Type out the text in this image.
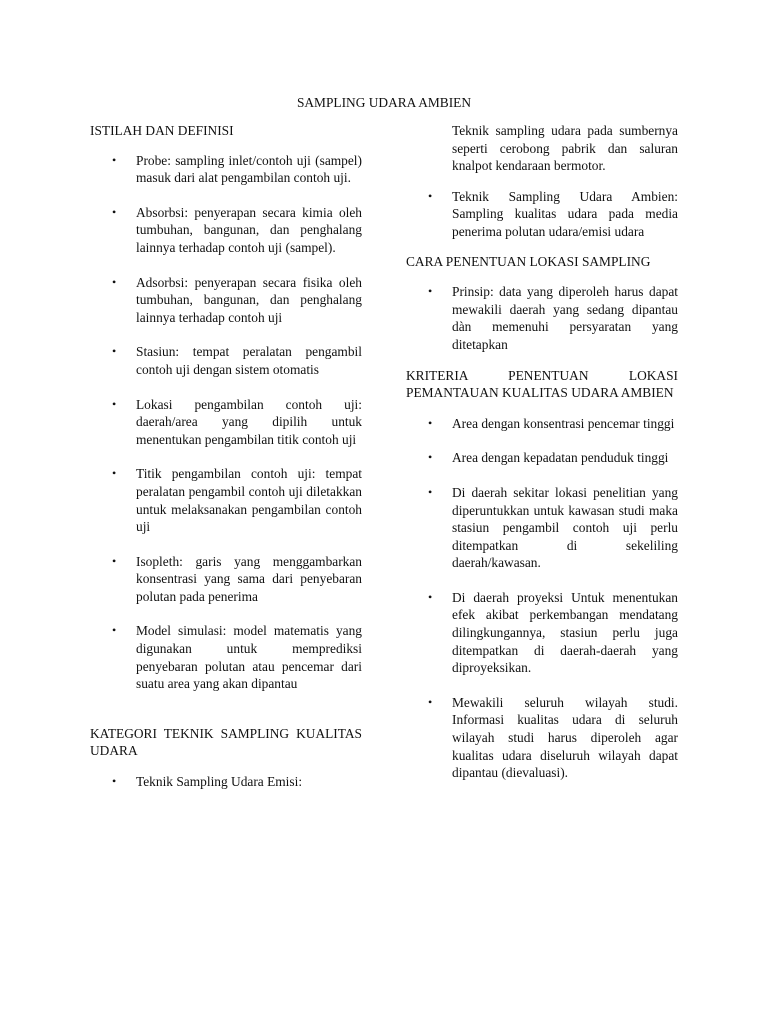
SAMPLING UDARA AMBIEN
ISTILAH DAN DEFINISI
• Probe: sampling inlet/contoh uji (sampel) masuk dari alat pengambilan contoh uji.
• Absorbsi: penyerapan secara kimia oleh tumbuhan, bangunan, dan penghalang lainnya terhadap contoh uji (sampel).
• Adsorbsi: penyerapan secara fisika oleh tumbuhan, bangunan, dan penghalang lainnya terhadap contoh uji
• Stasiun: tempat peralatan pengambil contoh uji dengan sistem otomatis
• Lokasi pengambilan contoh uji: daerah/area yang dipilih untuk menentukan pengambilan titik contoh uji
• Titik pengambilan contoh uji: tempat peralatan pengambil contoh uji diletakkan untuk melaksanakan pengambilan contoh uji
• Isopleth: garis yang menggambarkan konsentrasi yang sama dari penyebaran polutan pada penerima
• Model simulasi: model matematis yang digunakan untuk memprediksi penyebaran polutan atau pencemar dari suatu area yang akan dipantau
KATEGORI TEKNIK SAMPLING KUALITAS UDARA
• Teknik Sampling Udara Emisi:
Teknik sampling udara pada sumbernya seperti cerobong pabrik dan saluran knalpot kendaraan bermotor.
• Teknik Sampling Udara Ambien: Sampling kualitas udara pada media penerima polutan udara/emisi udara
CARA PENENTUAN LOKASI SAMPLING
• Prinsip: data yang diperoleh harus dapat mewakili daerah yang sedang dipantau dàn memenuhi persyaratan yang ditetapkan
KRITERIA PENENTUAN LOKASI PEMANTAUAN KUALITAS UDARA AMBIEN
• Area dengan konsentrasi pencemar tinggi
• Area dengan kepadatan penduduk tinggi
• Di daerah sekitar lokasi penelitian yang diperuntukkan untuk kawasan studi maka stasiun pengambil contoh uji perlu ditempatkan di sekeliling daerah/kawasan.
• Di daerah proyeksi Untuk menentukan efek akibat perkembangan mendatang dilingkungannya, stasiun perlu juga ditempatkan di daerah-daerah yang diproyeksikan.
• Mewakili seluruh wilayah studi. Informasi kualitas udara di seluruh wilayah studi harus diperoleh agar kualitas udara diseluruh wilayah dapat dipantau (dievaluasi).
